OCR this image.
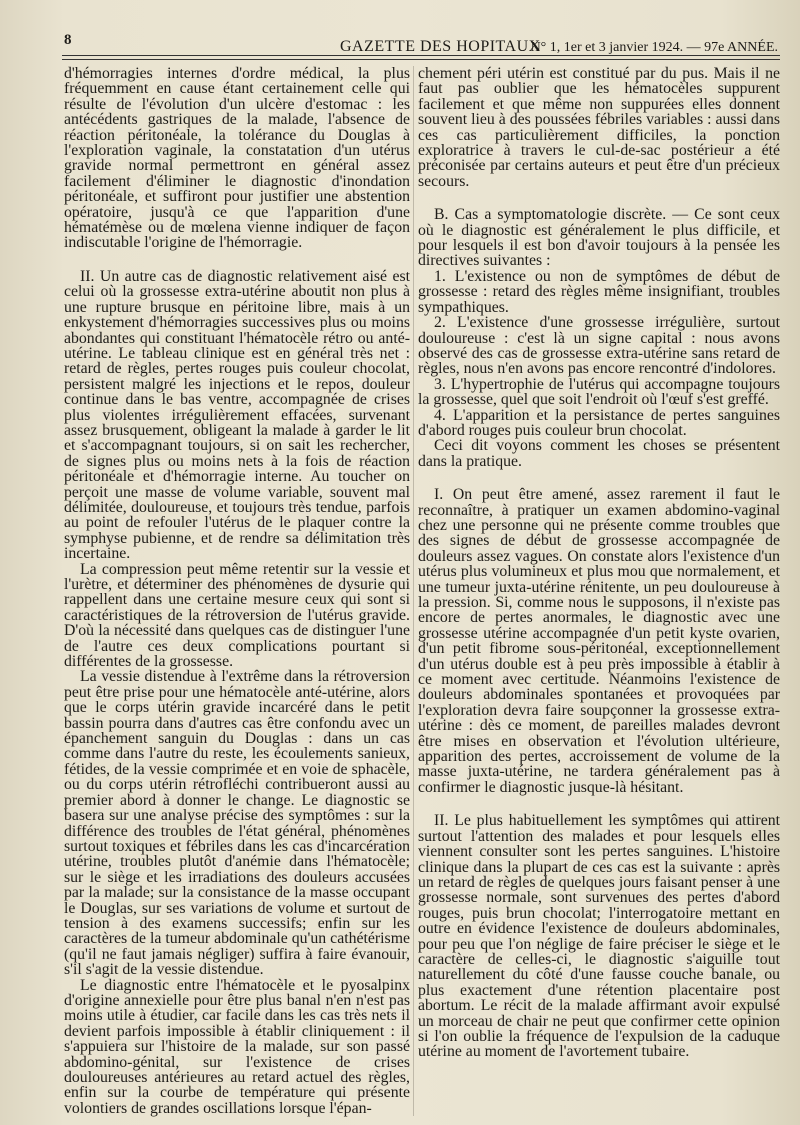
8	GAZETTE DES HOPITAUX
N° 1, 1er et 3 janvier 1924. — 97e ANNÉE.

d'hémorragies internes d'ordre médical, la plus fréquemment en cause étant certainement celle qui résulte de l'évolution d'un ulcère d'estomac : les antécédents gastriques de la malade, l'absence de réaction péritonéale, la tolérance du Douglas à l'exploration vaginale, la constatation d'un utérus gravide normal permettront en général assez facilement d'éliminer le diagnostic d'inondation péritonéale, et suffiront pour justifier une abstention opératoire, jusqu'à ce que l'apparition d'une hématémèse ou de mœlena vienne indiquer de façon indiscutable l'origine de l'hémorragie.

II. Un autre cas de diagnostic relativement aisé est celui où la grossesse extra-utérine aboutit non plus à une rupture brusque en péritoine libre, mais à un enkystement d'hémorragies successives plus ou moins abondantes qui constituant l'hématocèle rétro ou anté-utérine. Le tableau clinique est en général très net : retard de règles, pertes rouges puis couleur chocolat, persistent malgré les injections et le repos, douleur continue dans le bas ventre, accompagnée de crises plus violentes irrégulièrement effacées, survenant assez brusquement, obligeant la malade à garder le lit et s'accompagnant toujours, si on sait les rechercher, de signes plus ou moins nets à la fois de réaction péritonéale et d'hémorragie interne. Au toucher on perçoit une masse de volume variable, souvent mal délimitée, douloureuse, et toujours très tendue, parfois au point de refouler l'utérus de le plaquer contre la symphyse pubienne, et de rendre sa délimitation très incertaine.

La compression peut même retentir sur la vessie et l'urètre, et déterminer des phénomènes de dysurie qui rappellent dans une certaine mesure ceux qui sont si caractéristiques de la rétroversion de l'utérus gravide. D'où la nécessité dans quelques cas de distinguer l'une de l'autre ces deux complications pourtant si différentes de la grossesse.

La vessie distendue à l'extrême dans la rétroversion peut être prise pour une hématocèle anté-utérine, alors que le corps utérin gravide incarcéré dans le petit bassin pourra dans d'autres cas être confondu avec un épanchement sanguin du Douglas : dans un cas comme dans l'autre du reste, les écoulements sanieux, fétides, de la vessie comprimée et en voie de sphacèle, ou du corps utérin rétrofléchi contribueront aussi au premier abord à donner le change. Le diagnostic se basera sur une analyse précise des symptômes : sur la différence des troubles de l'état général, phénomènes surtout toxiques et fébriles dans les cas d'incarcération utérine, troubles plutôt d'anémie dans l'hématocèle; sur le siège et les irradiations des douleurs accusées par la malade; sur la consistance de la masse occupant le Douglas, sur ses variations de volume et surtout de tension à des examens successifs; enfin sur les caractères de la tumeur abdominale qu'un cathétérisme (qu'il ne faut jamais négliger) suffira à faire évanouir, s'il s'agit de la vessie distendue.

Le diagnostic entre l'hématocèle et le pyosalpinx d'origine annexielle pour être plus banal n'en n'est pas moins utile à étudier, car facile dans les cas très nets il devient parfois impossible à établir cliniquement : il s'appuiera sur l'histoire de la malade, sur son passé abdomino-génital, sur l'existence de crises douloureuses antérieures au retard actuel des règles, enfin sur la courbe de température qui présente volontiers de grandes oscillations lorsque l'épan-

chement péri utérin est constitué par du pus. Mais il ne faut pas oublier que les hématocèles suppurent facilement et que même non suppurées elles donnent souvent lieu à des poussées fébriles variables : aussi dans ces cas particulièrement difficiles, la ponction exploratrice à travers le cul-de-sac postérieur a été préconisée par certains auteurs et peut être d'un précieux secours.

B. Cas a symptomatologie discrète. — Ce sont ceux où le diagnostic est généralement le plus difficile, et pour lesquels il est bon d'avoir toujours à la pensée les directives suivantes :

1. L'existence ou non de symptômes de début de grossesse : retard des règles même insignifiant, troubles sympathiques.

2. L'existence d'une grossesse irrégulière, surtout douloureuse : c'est là un signe capital : nous avons observé des cas de grossesse extra-utérine sans retard de règles, nous n'en avons pas encore rencontré d'indolores.

3. L'hypertrophie de l'utérus qui accompagne toujours la grossesse, quel que soit l'endroit où l'œuf s'est greffé.

4. L'apparition et la persistance de pertes sanguines d'abord rouges puis couleur brun chocolat.

Ceci dit voyons comment les choses se présentent dans la pratique.

I. On peut être amené, assez rarement il faut le reconnaître, à pratiquer un examen abdomino-vaginal chez une personne qui ne présente comme troubles que des signes de début de grossesse accompagnée de douleurs assez vagues. On constate alors l'existence d'un utérus plus volumineux et plus mou que normalement, et une tumeur juxta-utérine rénitente, un peu douloureuse à la pression. Si, comme nous le supposons, il n'existe pas encore de pertes anormales, le diagnostic avec une grossesse utérine accompagnée d'un petit kyste ovarien, d'un petit fibrome sous-péritonéal, exceptionnellement d'un utérus double est à peu près impossible à établir à ce moment avec certitude. Néanmoins l'existence de douleurs abdominales spontanées et provoquées par l'exploration devra faire soupçonner la grossesse extra-utérine : dès ce moment, de pareilles malades devront être mises en observation et l'évolution ultérieure, apparition des pertes, accroissement de volume de la masse juxta-utérine, ne tardera généralement pas à confirmer le diagnostic jusque-là hésitant.

II. Le plus habituellement les symptômes qui attirent surtout l'attention des malades et pour lesquels elles viennent consulter sont les pertes sanguines. L'histoire clinique dans la plupart de ces cas est la suivante : après un retard de règles de quelques jours faisant penser à une grossesse normale, sont survenues des pertes d'abord rouges, puis brun chocolat; l'interrogatoire mettant en outre en évidence l'existence de douleurs abdominales, pour peu que l'on néglige de faire préciser le siège et le caractère de celles-ci, le diagnostic s'aiguille tout naturellement du côté d'une fausse couche banale, ou plus exactement d'une rétention placentaire post abortum. Le récit de la malade affirmant avoir expulsé un morceau de chair ne peut que confirmer cette opinion si l'on oublie la fréquence de l'expulsion de la caduque utérine au moment de l'avortement tubaire.
